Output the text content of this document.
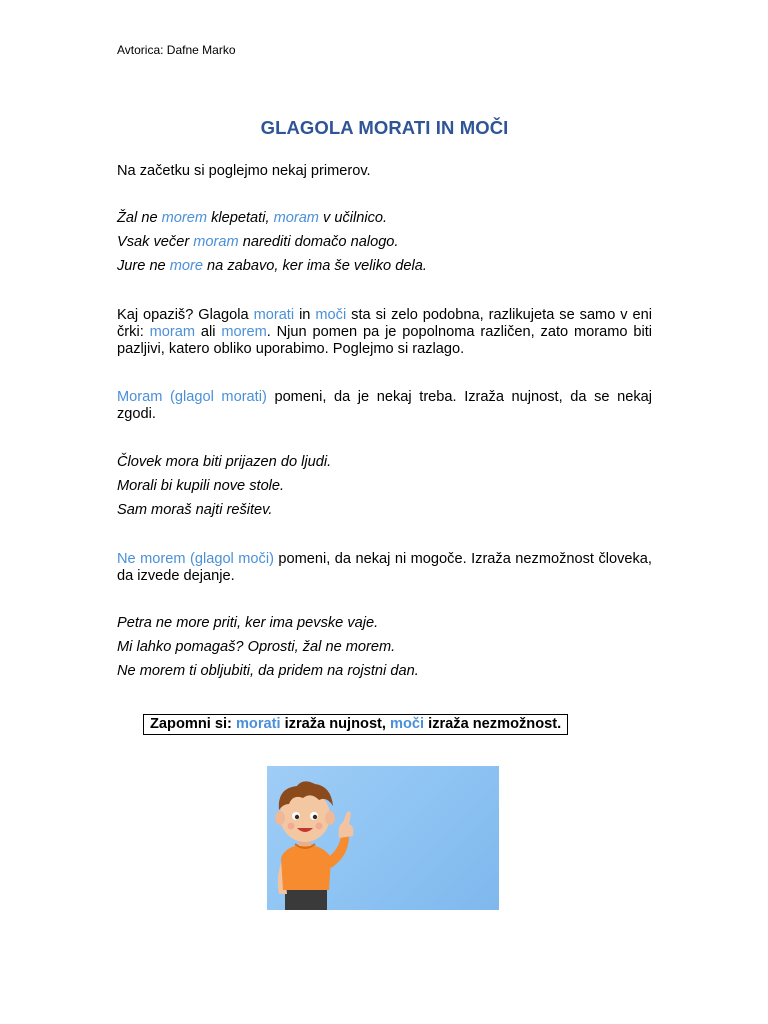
Avtorica: Dafne Marko
GLAGOLA MORATI IN MOČI
Na začetku si poglejmo nekaj primerov.
Žal ne morem klepetati, moram v učilnico.
Vsak večer moram narediti domačo nalogo.
Jure ne more na zabavo, ker ima še veliko dela.
Kaj opaziš? Glagola morati in moči sta si zelo podobna, razlikujeta se samo v eni črki: moram ali morem. Njun pomen pa je popolnoma različen, zato moramo biti pazljivi, katero obliko uporabimo. Poglejmo si razlago.
Moram (glagol morati) pomeni, da je nekaj treba. Izraža nujnost, da se nekaj zgodi.
Človek mora biti prijazen do ljudi.
Morali bi kupili nove stole.
Sam moraš najti rešitev.
Ne morem (glagol moči) pomeni, da nekaj ni mogoče. Izraža nezmožnost človeka, da izvede dejanje.
Petra ne more priti, ker ima pevske vaje.
Mi lahko pomagaš? Oprosti, žal ne morem.
Ne morem ti obljubiti, da pridem na rojstni dan.
Zapomni si: morati izraža nujnost, moči izraža nezmožnost.
